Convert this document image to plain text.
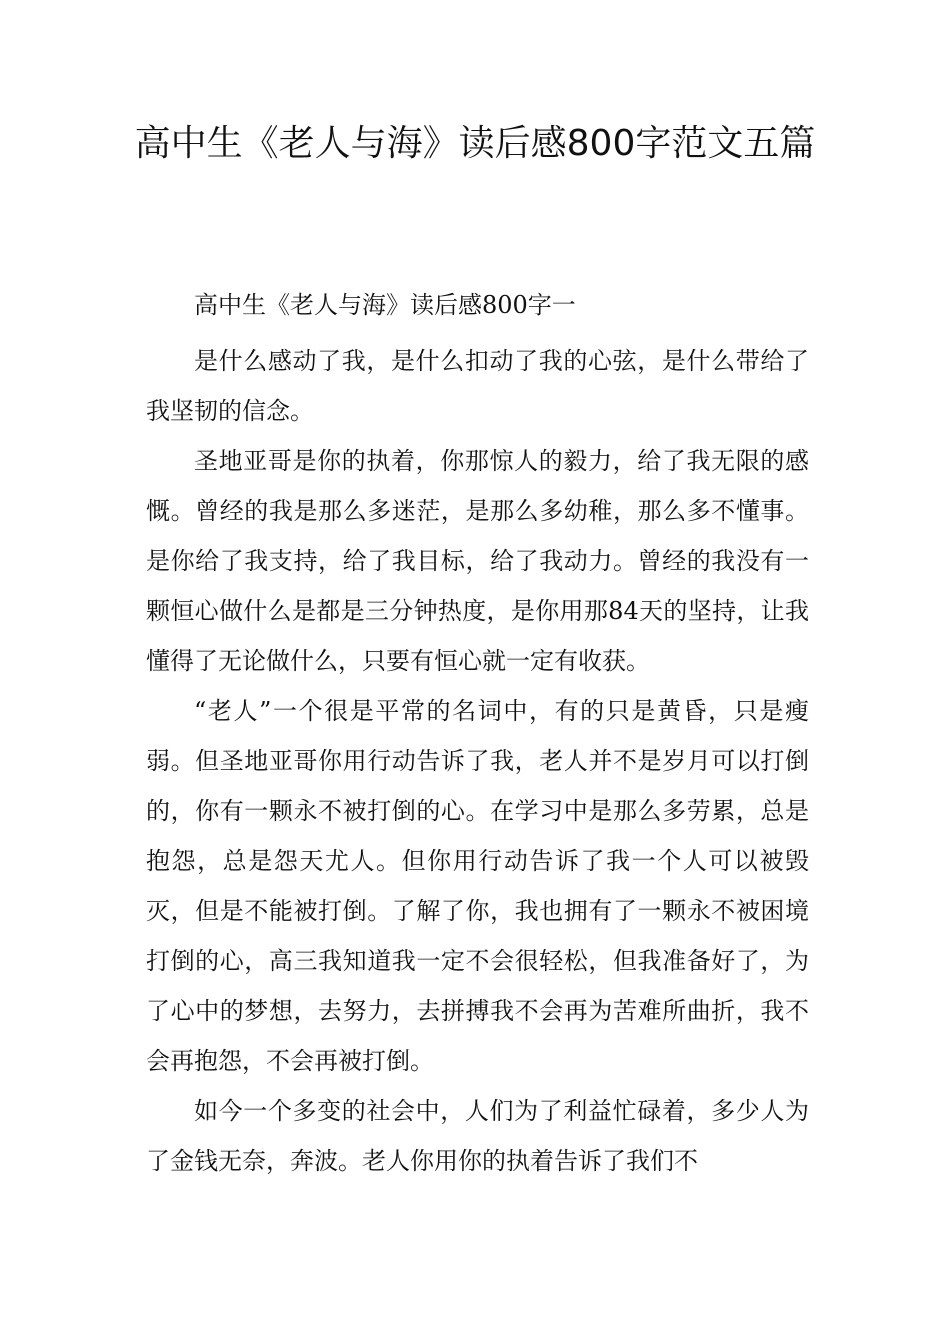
高中生《老人与海》读后感800字范文五篇

高中生《老人与海》读后感800字一

是什么感动了我，是什么扣动了我的心弦，是什么带给了我坚韧的信念。

圣地亚哥是你的执着，你那惊人的毅力，给了我无限的感慨。曾经的我是那么多迷茫，是那么多幼稚，那么多不懂事。是你给了我支持，给了我目标，给了我动力。曾经的我没有一颗恒心做什么是都是三分钟热度，是你用那84天的坚持，让我懂得了无论做什么，只要有恒心就一定有收获。

“老人”一个很是平常的名词中，有的只是黄昏，只是瘦弱。但圣地亚哥你用行动告诉了我，老人并不是岁月可以打倒的，你有一颗永不被打倒的心。在学习中是那么多劳累，总是抱怨，总是怨天尤人。但你用行动告诉了我一个人可以被毁灭，但是不能被打倒。了解了你，我也拥有了一颗永不被困境打倒的心，高三我知道我一定不会很轻松，但我准备好了，为了心中的梦想，去努力，去拼搏我不会再为苦难所曲折，我不会再抱怨，不会再被打倒。

如今一个多变的社会中，人们为了利益忙碌着，多少人为了金钱无奈，奔波。老人你用你的执着告诉了我们不
